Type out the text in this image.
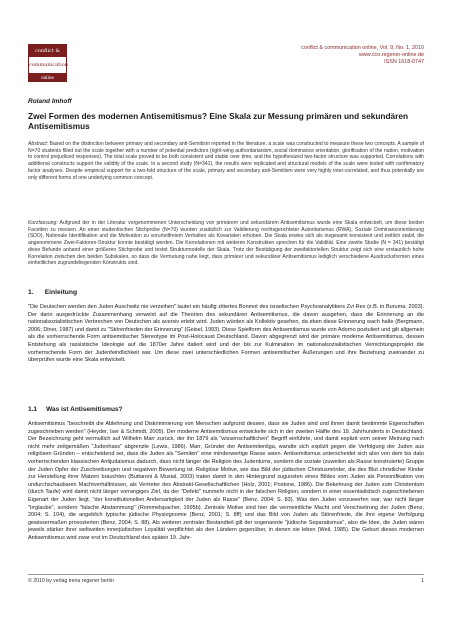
conflict &
communication
online
conflict & communication online, Vol. 9, No. 1, 2010
www.cco.regener-online.de
ISSN 1618-0747
Roland Imhoff
Zwei Formen des modernen Antisemitismus? Eine Skala zur Messung primären und sekundären Antisemitismus
Abstract: Based on the distinction between primary and secondary anti-Semitism reported in the literature, a scale was constructed to measure these two concepts. A sample of N=70 students filled out the scale together with a number of potential predictors (right-wing authoritarianism, social dominance orientation, glorification of the nation, motivation to control prejudiced responses). The total scale proved to be both consistent and stable over time, and the hypothesized two-factor structure was supported. Correlations with additional constructs support the validity of the scale. In a second study (N=341), the results were replicated and structural models of the scale were tested with confirmatory factor analyses. Despite empirical support for a two-fold structure of the scale, primary and secondary anti-Semitism were very highly inter-correlated, and thus potentially are only different forms of one underlying common concept.
Kurzfassung: Aufgrund der in der Literatur vorgenommenen Unterscheidung von primärem und sekundärem Antisemitismus wurde eine Skala entwickelt, um diese beiden Facetten zu messen. An einer studentischen Stichprobe (N=70) wurden zusätzlich zur Validierung rechtsgerichteter Autoritarismus (RWA), Soziale Dominanzorientierung (SDO), Nationale Identifikation und die Motivation zu vorurteilfreiem Verhalten als Kovariaten erhoben. Die Skala erwies sich als insgesamt konsistent und zeitlich stabil, die angenommene Zwei-Faktoren-Struktur konnte bestätigt werden. Die Korrelationen mit weiteren Konstrukten sprechen für die Validität. Eine zweite Studie (N = 341) bestätigt diese Befunde anhand einer größeren Stichprobe und testet Strukturmodelle der Skala. Trotz der Bestätigung der zweifaktoriellen Struktur zeigt sich eine erstaunlich hohe Korrelation zwischen den beiden Subskalen, so dass die Vermutung nahe liegt, dass primärer und sekundärer Antisemitismus lediglich verschiedene Ausdrucksformen eines einheitlichen zugrundeliegenden Konstrukts sind.
1.      Einleitung
"Die Deutschen werden den Juden Auschwitz nie verzeihen" lautet ein häufig zitiertes Bonmot des israelischen Psychoanalytikers Zvi Rex (z.B. in Buruma, 2003). Der darin ausgedrückte Zusammenhang verweist auf die Theorien des sekundären Antisemitismus, die davon ausgehen, dass die Erinnerung an die nationalsozialistischen Verbrechen von Deutschen als aversiv erlebt wird. Juden würden als Kollektiv gesehen, da eben diese Erinnerung wach halte (Bergmann, 2006; Diner, 1987) und damit zu "Störenfrieden der Erinnerung" (Geisel, 1993). Diese Spielform des Antisemitismus wurde von Adorno postuliert und gilt allgemein als die vorherrschende Form antisemitischer Stereotype im Post-Holocaust Deutschland. Davon abgegrenzt wird der primäre moderne Antisemitismus, dessen Entstehung als rassistische Ideologie auf die 1870er Jahre datiert wird und der bis zur Kulmination im nationalsozialistischen Vernichtungsprojekt die vorherrschende Form der Judenfeindlichkeit war. Um diese zwei unterschiedlichen Formen antisemitischer Äußerungen und ihre Beziehung zueinander zu überprüfen wurde eine Skala entwickelt.
1.1     Was ist Antisemitismus?
Antisemitismus "beschreibt die Ablehnung und Diskriminierung von Menschen aufgrund dessen, dass sie Juden sind und ihnen damit bestimmte Eigenschaften zugeschrieben werden" (Heyder, Iser & Schmidt, 2005). Der moderne Antisemitismus entwickelte sich in der zweiten Hälfte des 19. Jahrhunderts in Deutschland. Der Bezeichnung geht vermutlich auf Wilhelm Marr zurück, der ihn 1879 als "wissenschaftlichen" Begriff einführte, und damit explizit vom seiner Meinung nach nicht mehr zeitgemäßen "Judenhass" abgrenzte (Lewis, 1986). Marr, Gründer der Antisemitenliga, wandte sich explizit gegen die Verfolgung der Juden aus religiösen Gründen – entscheidend sei, dass die Juden als "Semiten" eine minderwertige Rasse seien. Antisemitismus unterscheidet sich also von dem bis dato vorherrschenden klassischen Antijudaismus dadurch, dass nicht länger die Religion des Judentums, sondern die soziale (zuweilen als Rasse konstruierte) Gruppe der Juden Opfer der Zuschreibungen und negativen Bewertung ist. Religiöse Motive, wie das Bild der jüdischen Christusmörder, die des Blut christlicher Kinder zur Herstellung ihrer Matzen brauchten (Buttaroni & Musial, 2003) traten damit in den Hintergrund zugunsten eines Bildes vom Juden als Personifikation von undurchschaubaren Machtverhältnissen, als Vertreter des Abstrakt-Gesellschaftlichen (Holz, 2001; Postone, 1986). Die Bekehrung der Juden zum Christentum (durch Taufe) wird damit nicht länger vorrangiges Ziel, da der "Defekt" nunmehr nicht in der falschen Religion, sondern in einer essentialistisch zugeschriebenen Eigenart der Juden liegt, "der konstitutionellen Andersartigkeit der Juden als Rasse" (Benz, 2004; S. 83). Was den Juden vorzuwerfen war, war nicht länger "Irrglaube", sondern "falsche Abstammung" (Rommelspacher, 1995b). Zentrale Motive sind hier die vermeintliche Macht und Verschwörung der Juden (Benz, 2004; S. 104), die angeblich typische jüdische Physiognomie (Benz, 2001; S. 8ff) und das Bild von Juden als Störenfriede, die ihre eigene Verfolgung gewissermaßen provozierten (Benz, 2004; S. 88). Als weiterer zentraler Bestandteil gilt der sogenannte "jüdische Separatismus", also die Idee, die Juden wären jeweils stärker ihrer weltweiten innerjüdischen Loyalität verpflichtet als den Ländern gegenüber, in denen sie leben (Weil, 1985). Die Geburt dieses modernen Antisemitismus wird zwar erst im Deutschland des späten 19. Jahr-
© 2010 by verlag irena regener berlin	1
